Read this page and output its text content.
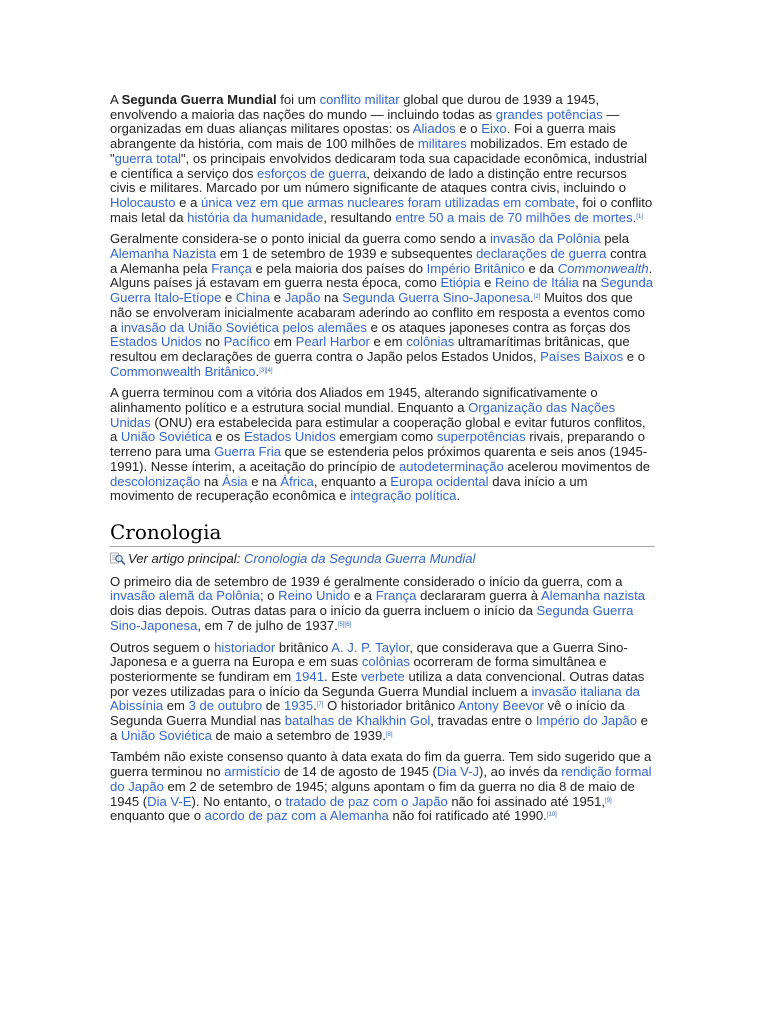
A Segunda Guerra Mundial foi um conflito militar global que durou de 1939 a 1945, envolvendo a maioria das nações do mundo — incluindo todas as grandes potências — organizadas em duas alianças militares opostas: os Aliados e o Eixo. Foi a guerra mais abrangente da história, com mais de 100 milhões de militares mobilizados. Em estado de "guerra total", os principais envolvidos dedicaram toda sua capacidade econômica, industrial e científica a serviço dos esforços de guerra, deixando de lado a distinção entre recursos civis e militares. Marcado por um número significante de ataques contra civis, incluindo o Holocausto e a única vez em que armas nucleares foram utilizadas em combate, foi o conflito mais letal da história da humanidade, resultando entre 50 a mais de 70 milhões de mortes.[1]

Geralmente considera-se o ponto inicial da guerra como sendo a invasão da Polônia pela Alemanha Nazista em 1 de setembro de 1939 e subsequentes declarações de guerra contra a Alemanha pela França e pela maioria dos países do Império Britânico e da Commonwealth. Alguns países já estavam em guerra nesta época, como Etiópia e Reino de Itália na Segunda Guerra Italo-Etíope e China e Japão na Segunda Guerra Sino-Japonesa.[2] Muitos dos que não se envolveram inicialmente acabaram aderindo ao conflito em resposta a eventos como a invasão da União Soviética pelos alemães e os ataques japoneses contra as forças dos Estados Unidos no Pacífico em Pearl Harbor e em colônias ultramarítimas britânicas, que resultou em declarações de guerra contra o Japão pelos Estados Unidos, Países Baixos e o Commonwealth Britânico.[3][4]

A guerra terminou com a vitória dos Aliados em 1945, alterando significativamente o alinhamento político e a estrutura social mundial. Enquanto a Organização das Nações Unidas (ONU) era estabelecida para estimular a cooperação global e evitar futuros conflitos, a União Soviética e os Estados Unidos emergiam como superpotências rivais, preparando o terreno para uma Guerra Fria que se estenderia pelos próximos quarenta e seis anos (1945-1991). Nesse ínterim, a aceitação do princípio de autodeterminação acelerou movimentos de descolonização na Ásia e na África, enquanto a Europa ocidental dava início a um movimento de recuperação econômica e integração política.

Cronologia
Ver artigo principal: Cronologia da Segunda Guerra Mundial

O primeiro dia de setembro de 1939 é geralmente considerado o início da guerra, com a invasão alemã da Polônia; o Reino Unido e a França declararam guerra à Alemanha nazista dois dias depois. Outras datas para o início da guerra incluem o início da Segunda Guerra Sino-Japonesa, em 7 de julho de 1937.[5][6]

Outros seguem o historiador britânico A. J. P. Taylor, que considerava que a Guerra Sino-Japonesa e a guerra na Europa e em suas colônias ocorreram de forma simultânea e posteriormente se fundiram em 1941. Este verbete utiliza a data convencional. Outras datas por vezes utilizadas para o início da Segunda Guerra Mundial incluem a invasão italiana da Abissínia em 3 de outubro de 1935.[7] O historiador britânico Antony Beevor vê o início da Segunda Guerra Mundial nas batalhas de Khalkhin Gol, travadas entre o Império do Japão e a União Soviética de maio a setembro de 1939.[8]

Também não existe consenso quanto à data exata do fim da guerra. Tem sido sugerido que a guerra terminou no armistício de 14 de agosto de 1945 (Dia V-J), ao invés da rendição formal do Japão em 2 de setembro de 1945; alguns apontam o fim da guerra no dia 8 de maio de 1945 (Dia V-E). No entanto, o tratado de paz com o Japão não foi assinado até 1951,[9] enquanto que o acordo de paz com a Alemanha não foi ratificado até 1990.[10]
